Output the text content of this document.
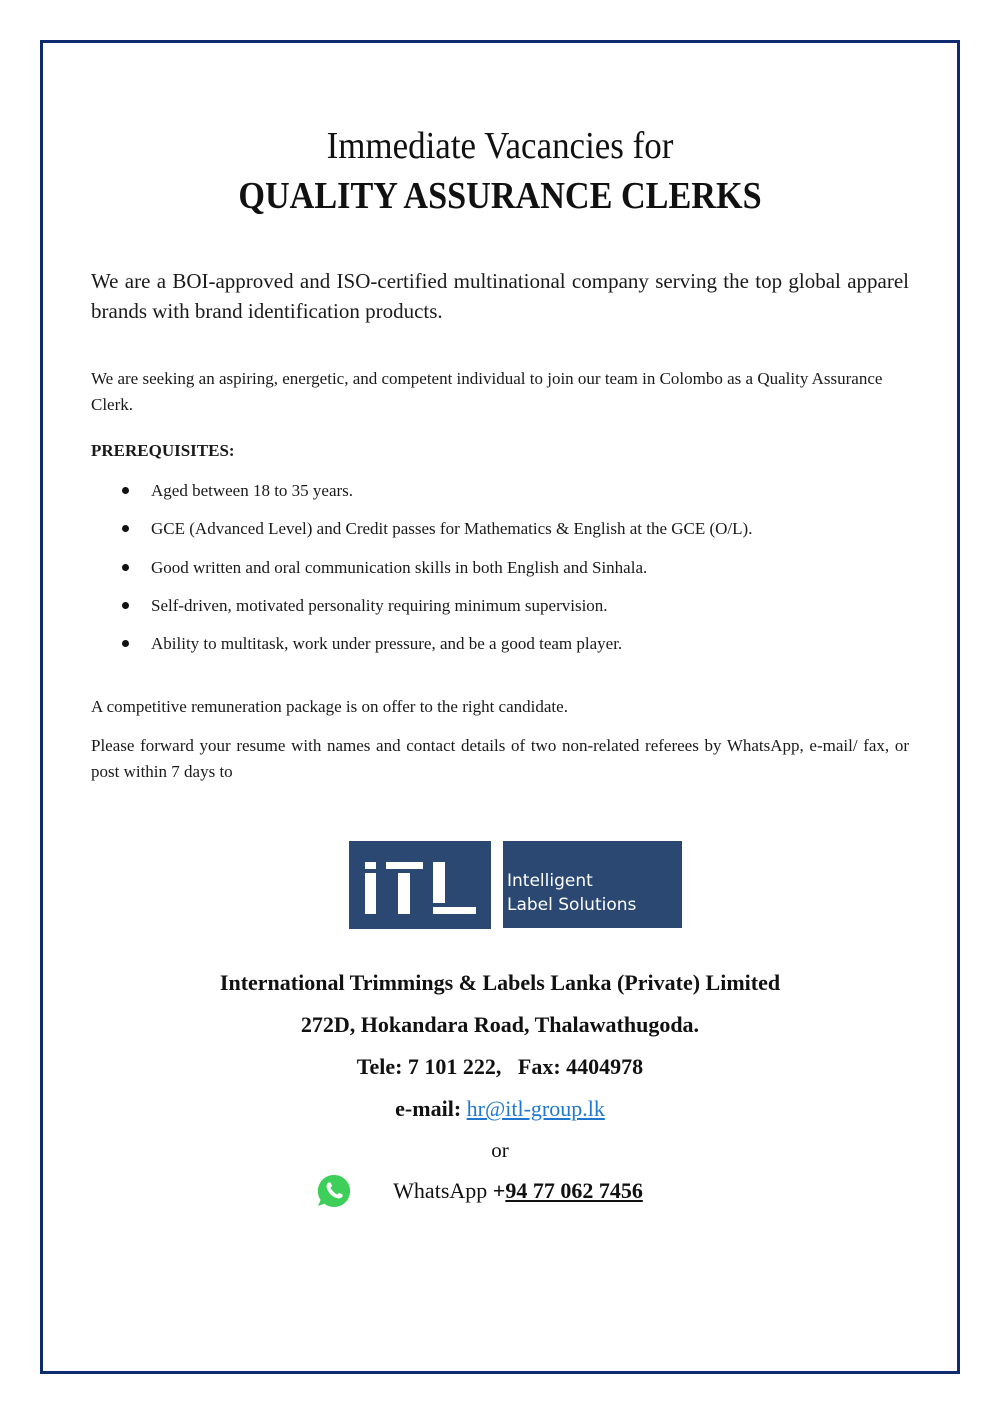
Immediate Vacancies for
QUALITY ASSURANCE CLERKS
We are a BOI-approved and ISO-certified multinational company serving the top global apparel brands with brand identification products.
We are seeking an aspiring, energetic, and competent individual to join our team in Colombo as a Quality Assurance Clerk.
PREREQUISITES:
Aged between 18 to 35 years.
GCE (Advanced Level) and Credit passes for Mathematics & English at the GCE (O/L).
Good written and oral communication skills in both English and Sinhala.
Self-driven, motivated personality requiring minimum supervision.
Ability to multitask, work under pressure, and be a good team player.
A competitive remuneration package is on offer to the right candidate.
Please forward your resume with names and contact details of two non-related referees by WhatsApp, e-mail/ fax, or post within 7 days to
Intelligent
Label Solutions
International Trimmings & Labels Lanka (Private) Limited
272D, Hokandara Road, Thalawathugoda.
Tele: 7 101 222,   Fax: 4404978
e-mail: hr@itl-group.lk
or
WhatsApp +94 77 062 7456
